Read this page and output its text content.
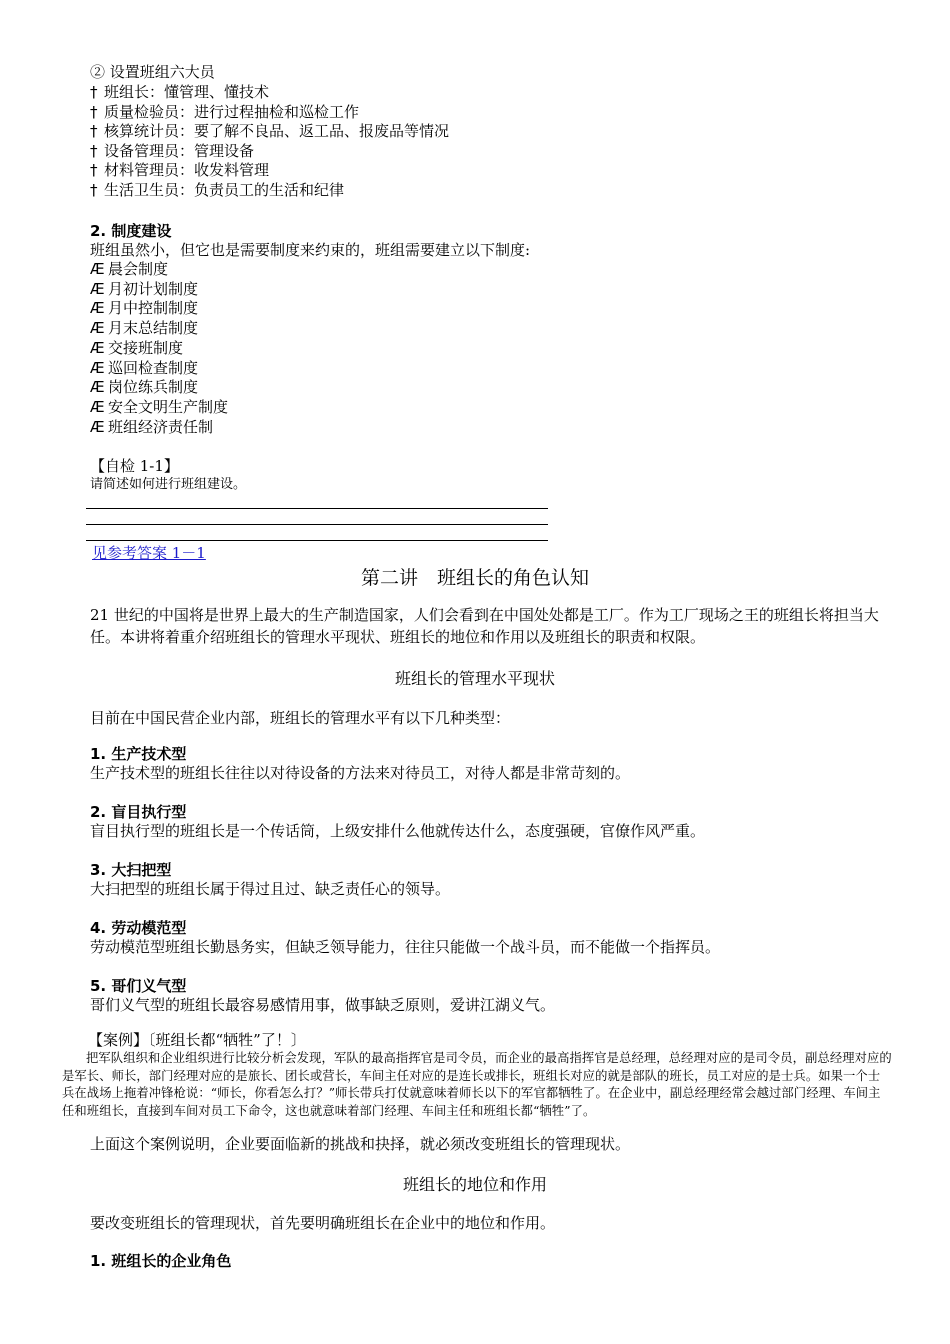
② 设置班组六大员
† 班组长：懂管理、懂技术
† 质量检验员：进行过程抽检和巡检工作
† 核算统计员：要了解不良品、返工品、报废品等情况
† 设备管理员：管理设备
† 材料管理员：收发料管理
† 生活卫生员：负责员工的生活和纪律
2. 制度建设
班组虽然小，但它也是需要制度来约束的，班组需要建立以下制度:
Æ 晨会制度
Æ 月初计划制度
Æ 月中控制制度
Æ 月末总结制度
Æ 交接班制度
Æ 巡回检查制度
Æ 岗位练兵制度
Æ 安全文明生产制度
Æ 班组经济责任制
【自检 1-1】
请简述如何进行班组建设。
见参考答案 1－1
第二讲　班组长的角色认知
21 世纪的中国将是世界上最大的生产制造国家，人们会看到在中国处处都是工厂。作为工厂现场之王的班组长将担当大任。本讲将着重介绍班组长的管理水平现状、班组长的地位和作用以及班组长的职责和权限。
班组长的管理水平现状
目前在中国民营企业内部，班组长的管理水平有以下几种类型：
1. 生产技术型
生产技术型的班组长往往以对待设备的方法来对待员工，对待人都是非常苛刻的。
2. 盲目执行型
盲目执行型的班组长是一个传话筒，上级安排什么他就传达什么，态度强硬，官僚作风严重。
3. 大扫把型
大扫把型的班组长属于得过且过、缺乏责任心的领导。
4. 劳动模范型
劳动模范型班组长勤恳务实，但缺乏领导能力，往往只能做一个战斗员，而不能做一个指挥员。
5. 哥们义气型
哥们义气型的班组长最容易感情用事，做事缺乏原则，爱讲江湖义气。
【案例】〔班组长都“牺牲”了！〕
把军队组织和企业组织进行比较分析会发现，军队的最高指挥官是司令员，而企业的最高指挥官是总经理，总经理对应的是司令员，副总经理对应的是军长、师长，部门经理对应的是旅长、团长或营长，车间主任对应的是连长或排长，班组长对应的就是部队的班长，员工对应的是士兵。如果一个士兵在战场上拖着冲锋枪说：“师长，你看怎么打？”师长带兵打仗就意味着师长以下的军官都牺牲了。在企业中，副总经理经常会越过部门经理、车间主任和班组长，直接到车间对员工下命令，这也就意味着部门经理、车间主任和班组长都“牺牲”了。
上面这个案例说明，企业要面临新的挑战和抉择，就必须改变班组长的管理现状。
班组长的地位和作用
要改变班组长的管理现状，首先要明确班组长在企业中的地位和作用。
1. 班组长的企业角色
